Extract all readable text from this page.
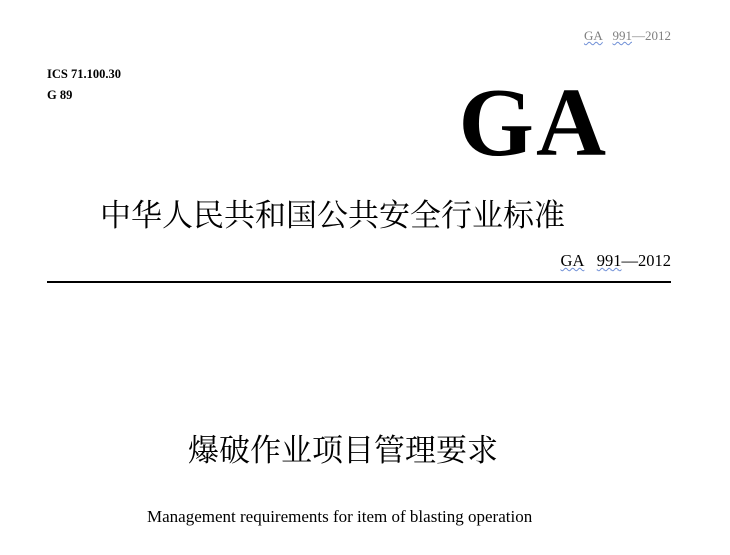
GA 991—2012
ICS 71.100.30
G 89	GA
中华人民共和国公共安全行业标准
GA 991—2012
爆破作业项目管理要求
Management requirements for item of blasting operation
